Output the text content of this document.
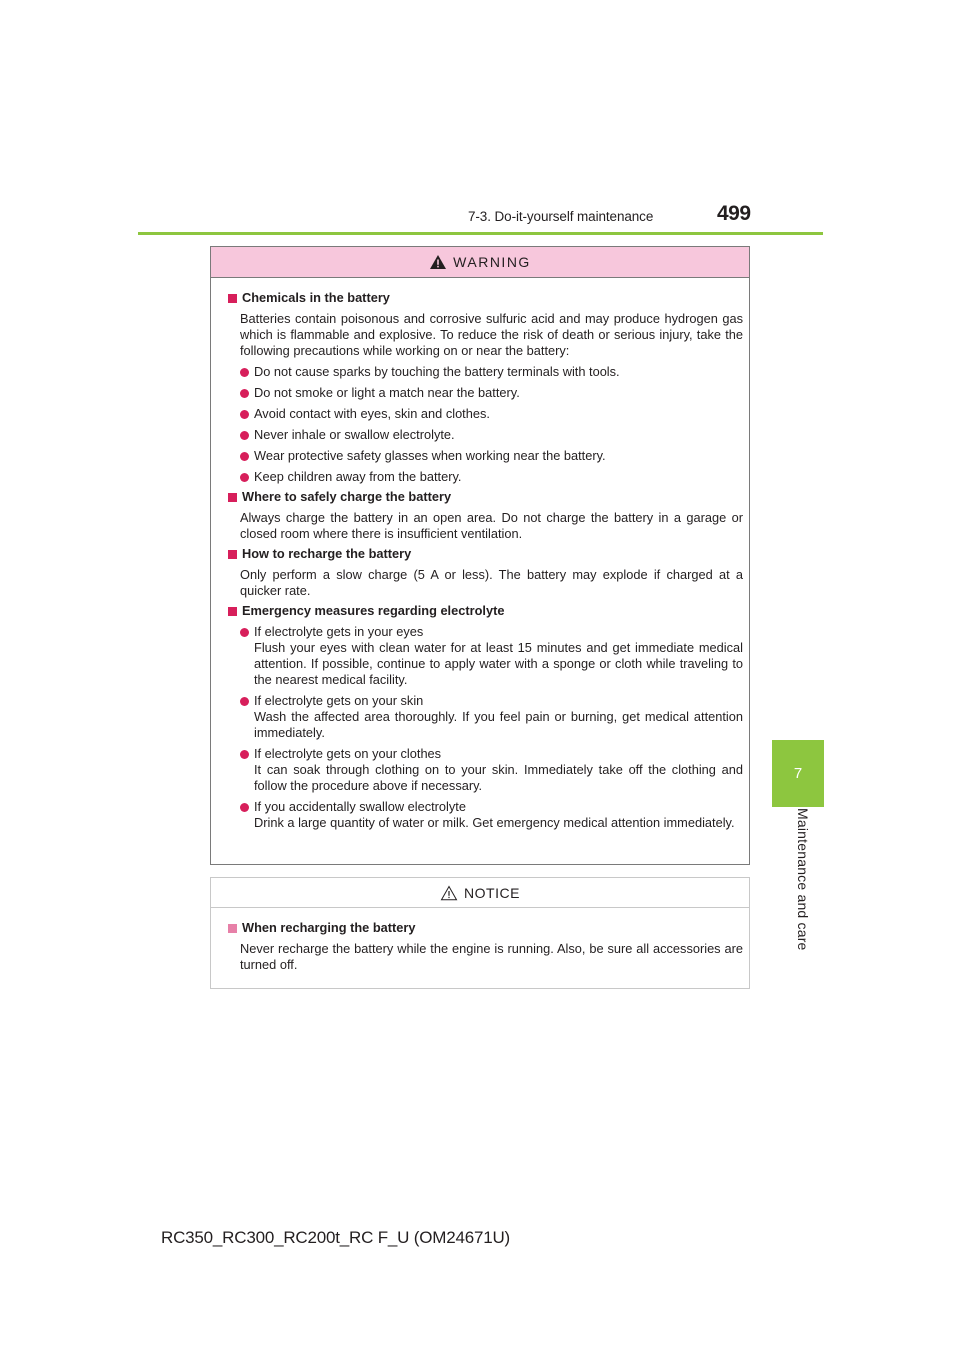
7-3. Do-it-yourself maintenance	499
7
Maintenance and care
WARNING
Chemicals in the battery
Batteries contain poisonous and corrosive sulfuric acid and may produce hydrogen gas which is flammable and explosive. To reduce the risk of death or serious injury, take the following precautions while working on or near the battery:
Do not cause sparks by touching the battery terminals with tools.
Do not smoke or light a match near the battery.
Avoid contact with eyes, skin and clothes.
Never inhale or swallow electrolyte.
Wear protective safety glasses when working near the battery.
Keep children away from the battery.
Where to safely charge the battery
Always charge the battery in an open area. Do not charge the battery in a garage or closed room where there is insufficient ventilation.
How to recharge the battery
Only perform a slow charge (5 A or less). The battery may explode if charged at a quicker rate.
Emergency measures regarding electrolyte
If electrolyte gets in your eyes
Flush your eyes with clean water for at least 15 minutes and get immediate medical attention. If possible, continue to apply water with a sponge or cloth while traveling to the nearest medical facility.
If electrolyte gets on your skin
Wash the affected area thoroughly. If you feel pain or burning, get medical attention immediately.
If electrolyte gets on your clothes
It can soak through clothing on to your skin. Immediately take off the clothing and follow the procedure above if necessary.
If you accidentally swallow electrolyte
Drink a large quantity of water or milk. Get emergency medical attention immediately.
NOTICE
When recharging the battery
Never recharge the battery while the engine is running. Also, be sure all accessories are turned off.
RC350_RC300_RC200t_RC F_U (OM24671U)
